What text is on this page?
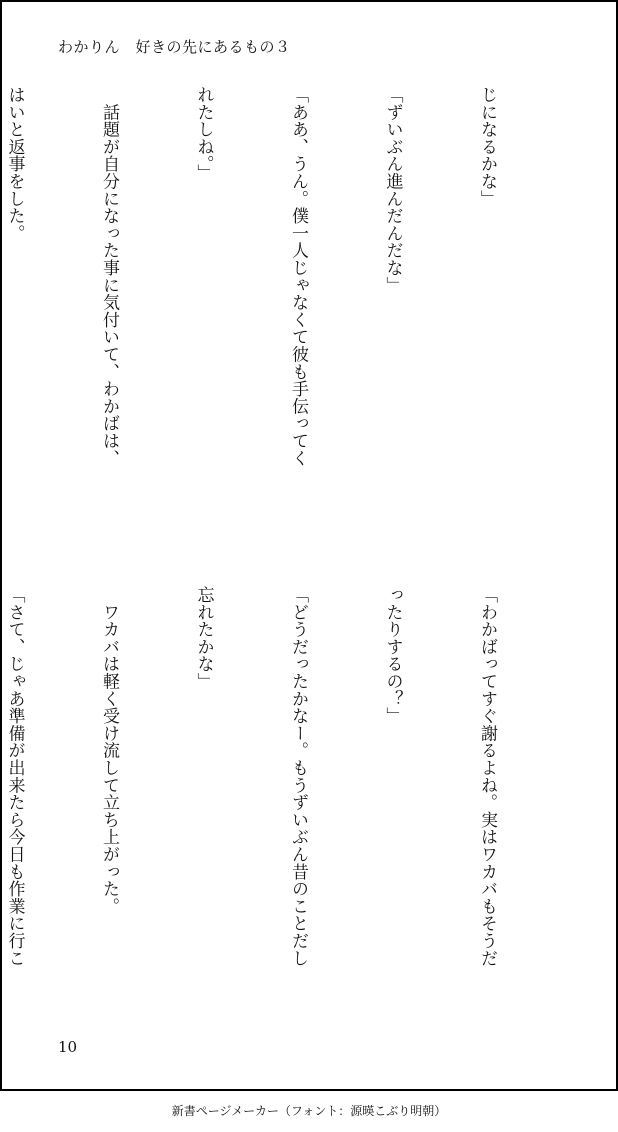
わかりん　好きの先にあるもの３

じになるかな」

「ずいぶん進んだんだな」

「ああ、うん。僕一人じゃなくて彼も手伝ってく

れたしね。」

　話題が自分になった事に気付いて、わかばは、

はいと返事をした。

「わかばってすぐ謝るよね。実はワカバもそうだ

ったりするの？」

「どうだったかなー。もうずいぶん昔のことだし

忘れたかな」

　ワカバは軽く受け流して立ち上がった。

「さて、じゃあ準備が出来たら今日も作業に行こ

10
新書ページメーカー（フォント：源暎こぶり明朝）
